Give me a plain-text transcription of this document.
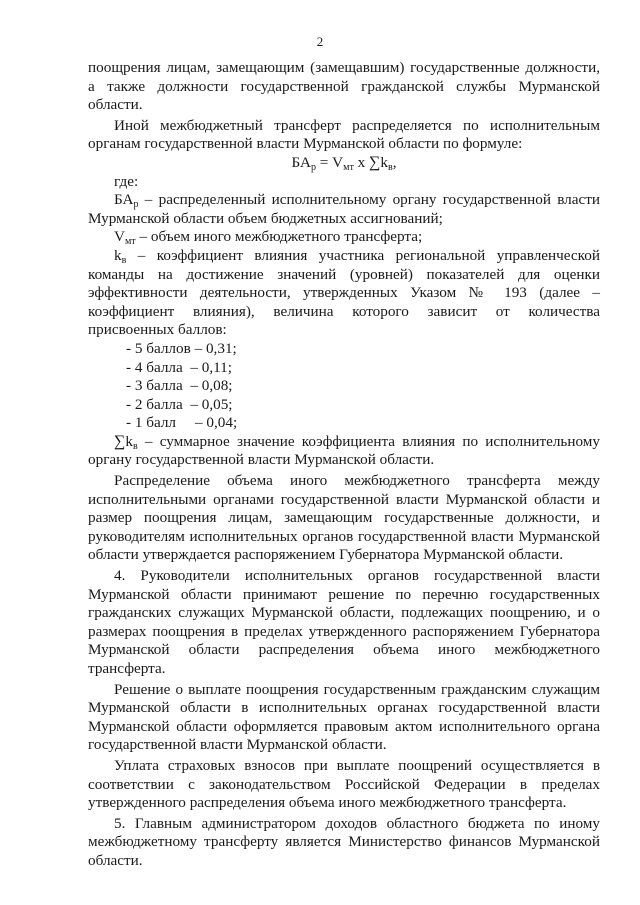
2

поощрения лицам, замещающим (замещавшим) государственные должности, а также должности государственной гражданской службы Мурманской области.

Иной межбюджетный трансферт распределяется по исполнительным органам государственной власти Мурманской области по формуле:

$БА_р = V_{мт}$ x $\sum k_в$,

где:

$БА_р$ – распределенный исполнительному органу государственной власти Мурманской области объем бюджетных ассигнований;

$V_{мт}$ – объем иного межбюджетного трансферта;

$k_в$ – коэффициент влияния участника региональной управленческой команды на достижение значений (уровней) показателей для оценки эффективности деятельности, утвержденных Указом № 193 (далее – коэффициент влияния), величина которого зависит от количества присвоенных баллов:

- 5 баллов – 0,31;

- 4 балла  – 0,11;

- 3 балла  – 0,08;

- 2 балла  – 0,05;

- 1 балл     – 0,04;

$\sum k_в$ – суммарное значение коэффициента влияния по исполнительному органу государственной власти Мурманской области.

Распределение объема иного межбюджетного трансферта между исполнительными органами государственной власти Мурманской области и размер поощрения лицам, замещающим государственные должности, и руководителям исполнительных органов государственной власти Мурманской области утверждается распоряжением Губернатора Мурманской области.

4. Руководители исполнительных органов государственной власти Мурманской области принимают решение по перечню государственных гражданских служащих Мурманской области, подлежащих поощрению, и о размерах поощрения в пределах утвержденного распоряжением Губернатора Мурманской области распределения объема иного межбюджетного трансферта.

Решение о выплате поощрения государственным гражданским служащим Мурманской области в исполнительных органах государственной власти Мурманской области оформляется правовым актом исполнительного органа государственной власти Мурманской области.

Уплата страховых взносов при выплате поощрений осуществляется в соответствии с законодательством Российской Федерации в пределах утвержденного распределения объема иного межбюджетного трансферта.

5. Главным администратором доходов областного бюджета по иному межбюджетному трансферту является Министерство финансов Мурманской области.
